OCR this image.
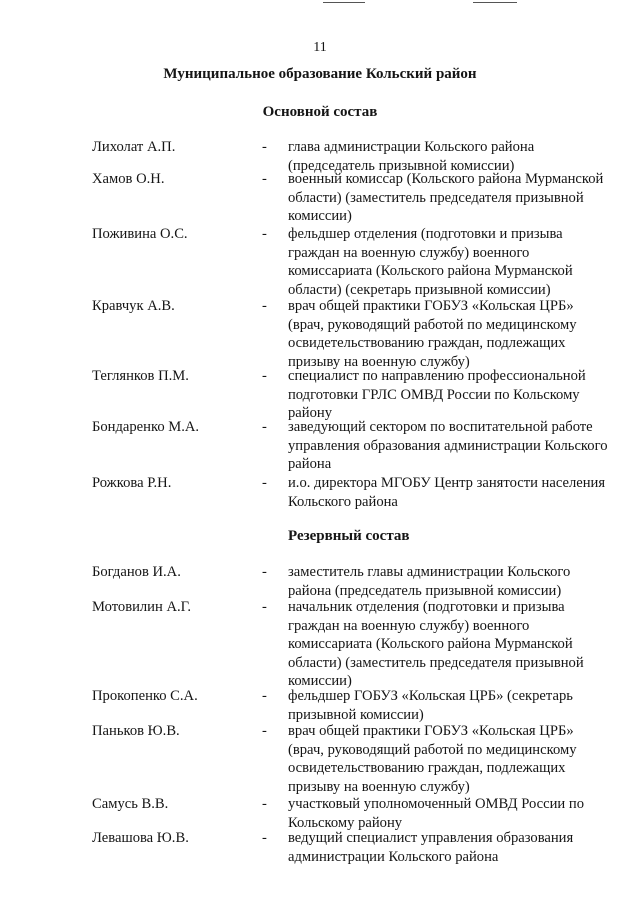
11
Муниципальное образование Кольский район
Основной состав
Лихолат А.П.	- глава администрации Кольского района (председатель призывной комиссии)
Хамов О.Н.	- военный комиссар (Кольского района Мурманской области) (заместитель председателя призывной комиссии)
Поживина О.С.	- фельдшер отделения (подготовки и призыва граждан на военную службу) военного комиссариата (Кольского района Мурманской области) (секретарь призывной комиссии)
Кравчук А.В.	- врач общей практики ГОБУЗ «Кольская ЦРБ» (врач, руководящий работой по медицинскому освидетельствованию граждан, подлежащих призыву на военную службу)
Теглянков П.М.	- специалист по направлению профессиональной подготовки ГРЛС ОМВД России по Кольскому району
Бондаренко М.А.	- заведующий сектором по воспитательной работе управления образования администрации Кольского района
Рожкова Р.Н.	- и.о. директора МГОБУ Центр занятости населения Кольского района
Резервный состав
Богданов И.А.	- заместитель главы администрации Кольского района (председатель призывной комиссии)
Мотовилин А.Г.	- начальник отделения (подготовки и призыва граждан на военную службу) военного комиссариата (Кольского района Мурманской области) (заместитель председателя призывной комиссии)
Прокопенко С.А.	- фельдшер ГОБУЗ «Кольская ЦРБ» (секретарь призывной комиссии)
Паньков Ю.В.	- врач общей практики ГОБУЗ «Кольская ЦРБ» (врач, руководящий работой по медицинскому освидетельствованию граждан, подлежащих призыву на военную службу)
Самусь В.В.	- участковый уполномоченный ОМВД России по Кольскому району
Левашова Ю.В.	- ведущий специалист управления образования администрации Кольского района
